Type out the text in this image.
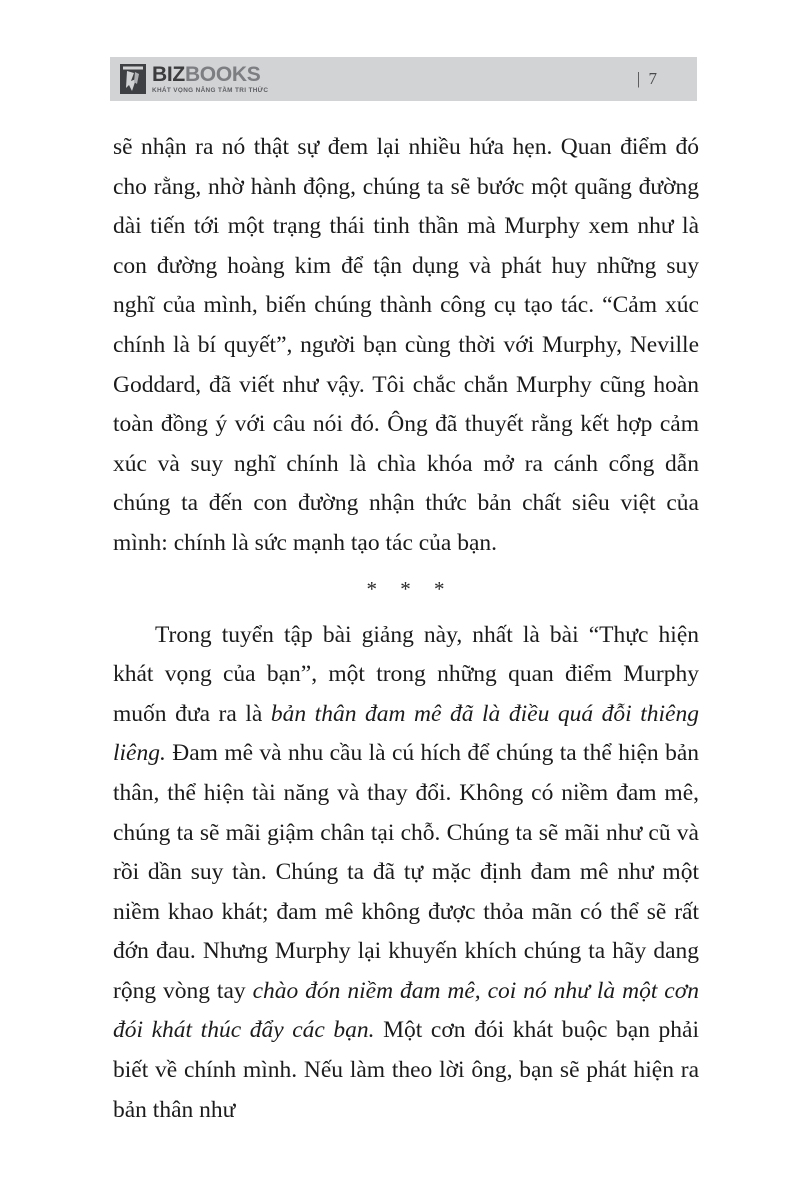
BIZBOOKS
KHÁT VỌNG NÂNG TẦM TRI THỨC
| 7

sẽ nhận ra nó thật sự đem lại nhiều hứa hẹn. Quan điểm đó cho rằng, nhờ hành động, chúng ta sẽ bước một quãng đường dài tiến tới một trạng thái tinh thần mà Murphy xem như là con đường hoàng kim để tận dụng và phát huy những suy nghĩ của mình, biến chúng thành công cụ tạo tác. “Cảm xúc chính là bí quyết”, người bạn cùng thời với Murphy, Neville Goddard, đã viết như vậy. Tôi chắc chắn Murphy cũng hoàn toàn đồng ý với câu nói đó. Ông đã thuyết rằng kết hợp cảm xúc và suy nghĩ chính là chìa khóa mở ra cánh cổng dẫn chúng ta đến con đường nhận thức bản chất siêu việt của mình: chính là sức mạnh tạo tác của bạn.

* * *

Trong tuyển tập bài giảng này, nhất là bài “Thực hiện khát vọng của bạn”, một trong những quan điểm Murphy muốn đưa ra là bản thân đam mê đã là điều quá đỗi thiêng liêng. Đam mê và nhu cầu là cú hích để chúng ta thể hiện bản thân, thể hiện tài năng và thay đổi. Không có niềm đam mê, chúng ta sẽ mãi giậm chân tại chỗ. Chúng ta sẽ mãi như cũ và rồi dần suy tàn. Chúng ta đã tự mặc định đam mê như một niềm khao khát; đam mê không được thỏa mãn có thể sẽ rất đớn đau. Nhưng Murphy lại khuyến khích chúng ta hãy dang rộng vòng tay chào đón niềm đam mê, coi nó như là một cơn đói khát thúc đẩy các bạn. Một cơn đói khát buộc bạn phải biết về chính mình. Nếu làm theo lời ông, bạn sẽ phát hiện ra bản thân như
